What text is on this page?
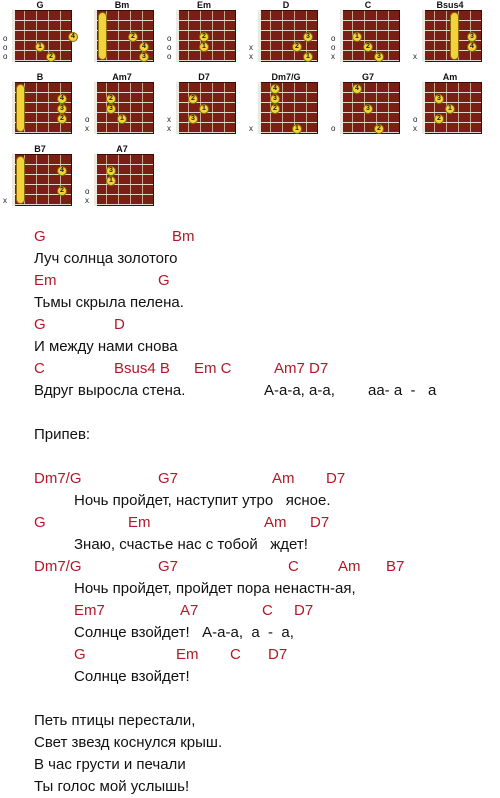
G
o
o
o
4
1
2
Bm
2
4
3
Em
o
o
o
2
1
D
x
x
3
2
1
C
o
o
x
1
2
3
Bsus4
x
3
4
B
4
3
2
Am7
o
x
2
3
1
D7
x
x
2
1
3
Dm7/G
x
4
3
2
1
G7
o
4
3
2
Am
o
x
3
1
2
B7
x
4
2
A7
o
x
3
1
G	Bm
Луч солнца золотого
Em	G
Тьмы скрыла пелена.
G	D
И между нами снова
C	Bsus4 B Em C	Am7 D7
Вдруг выросла стена.	А-а-а, а-а, аа- а  -   а
Припев:
Dm7/G	G7	Am D7
Ночь пройдет, наступит утро   ясное.
G	Em	Am D7
Знаю, счастье нас с тобой   ждет!
Dm7/G	G7	C	Am B7
Ночь пройдет, пройдет пора ненастн-ая,
Em7	A7	C D7
Солнце взойдет!   А-а-а,  а  -  а,
G	Em C D7
Солнце взойдет!
Петь птицы перестали,
Свет звезд коснулся крыш.
В час грусти и печали
Ты голос мой услышь!
